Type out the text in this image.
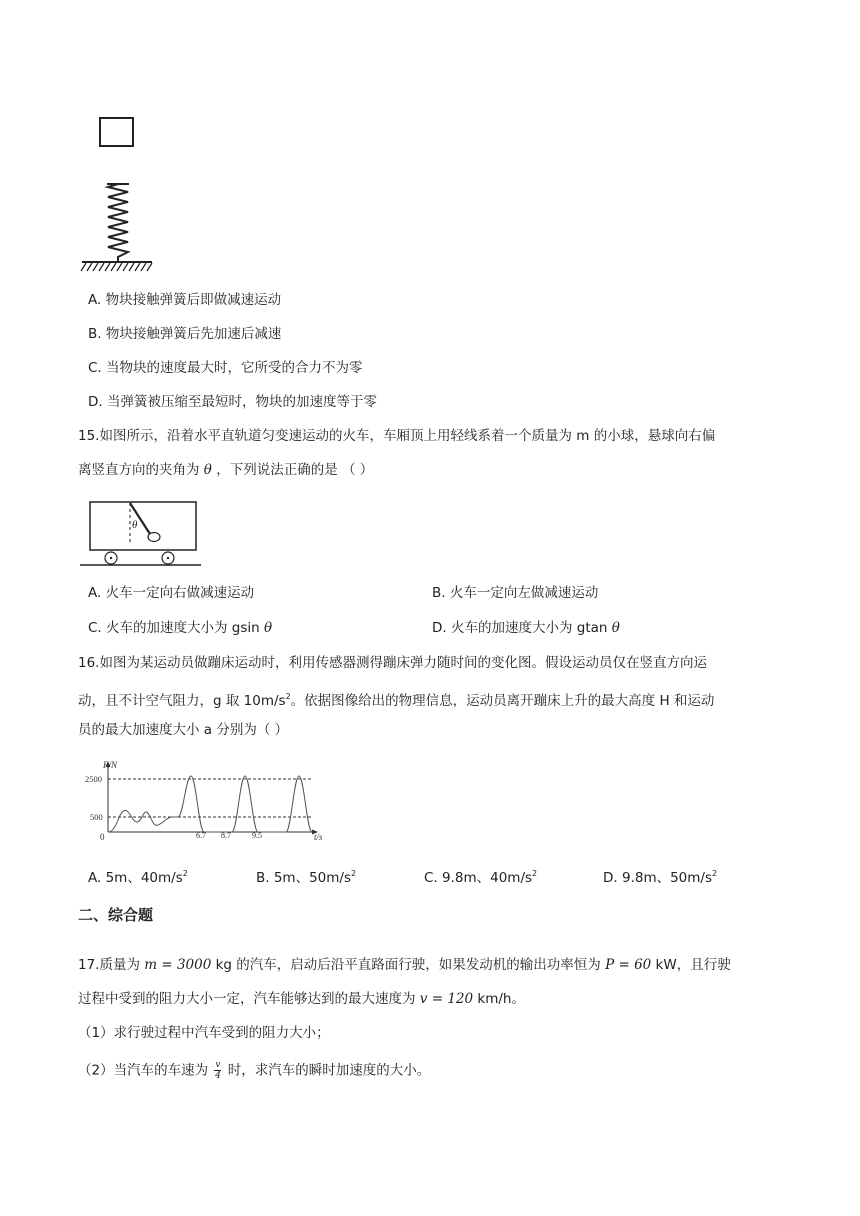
A. 物块接触弹簧后即做减速运动
B. 物块接触弹簧后先加速后减速
C. 当物块的速度最大时，它所受的合力不为零
D. 当弹簧被压缩至最短时，物块的加速度等于零
15.如图所示，沿着水平直轨道匀变速运动的火车，车厢顶上用轻线系着一个质量为 m 的小球，悬球向右偏
离竖直方向的夹角为 θ ，下列说法正确的是 （ ）
θ
A. 火车一定向右做减速运动	B. 火车一定向左做减速运动
C. 火车的加速度大小为 gsin θ	D. 火车的加速度大小为 gtan θ
16.如图为某运动员做蹦床运动时，利用传感器测得蹦床弹力随时间的变化图。假设运动员仅在竖直方向运
动，且不计空气阻力，g 取 $10m/s^2$。依据图像给出的物理信息，运动员离开蹦床上升的最大高度 H 和运动
员的最大加速度大小 a 分别为（ ）
F/N
t/s
0
2500
500
6.7 8.7	9.5
A. 5m、$40m/s^2$	B. 5m、$50m/s^2$	C. 9.8m、$40m/s^2$	D. 9.8m、$50m/s^2$
二、综合题
17.质量为 m = 3000 kg 的汽车，启动后沿平直路面行驶，如果发动机的输出功率恒为 P = 60 kW，且行驶
过程中受到的阻力大小一定，汽车能够达到的最大速度为 v = 120 km/h。
（1）求行驶过程中汽车受到的阻力大小；
（2）当汽车的车速为 $\frac{v}{4}$ 时，求汽车的瞬时加速度的大小。
